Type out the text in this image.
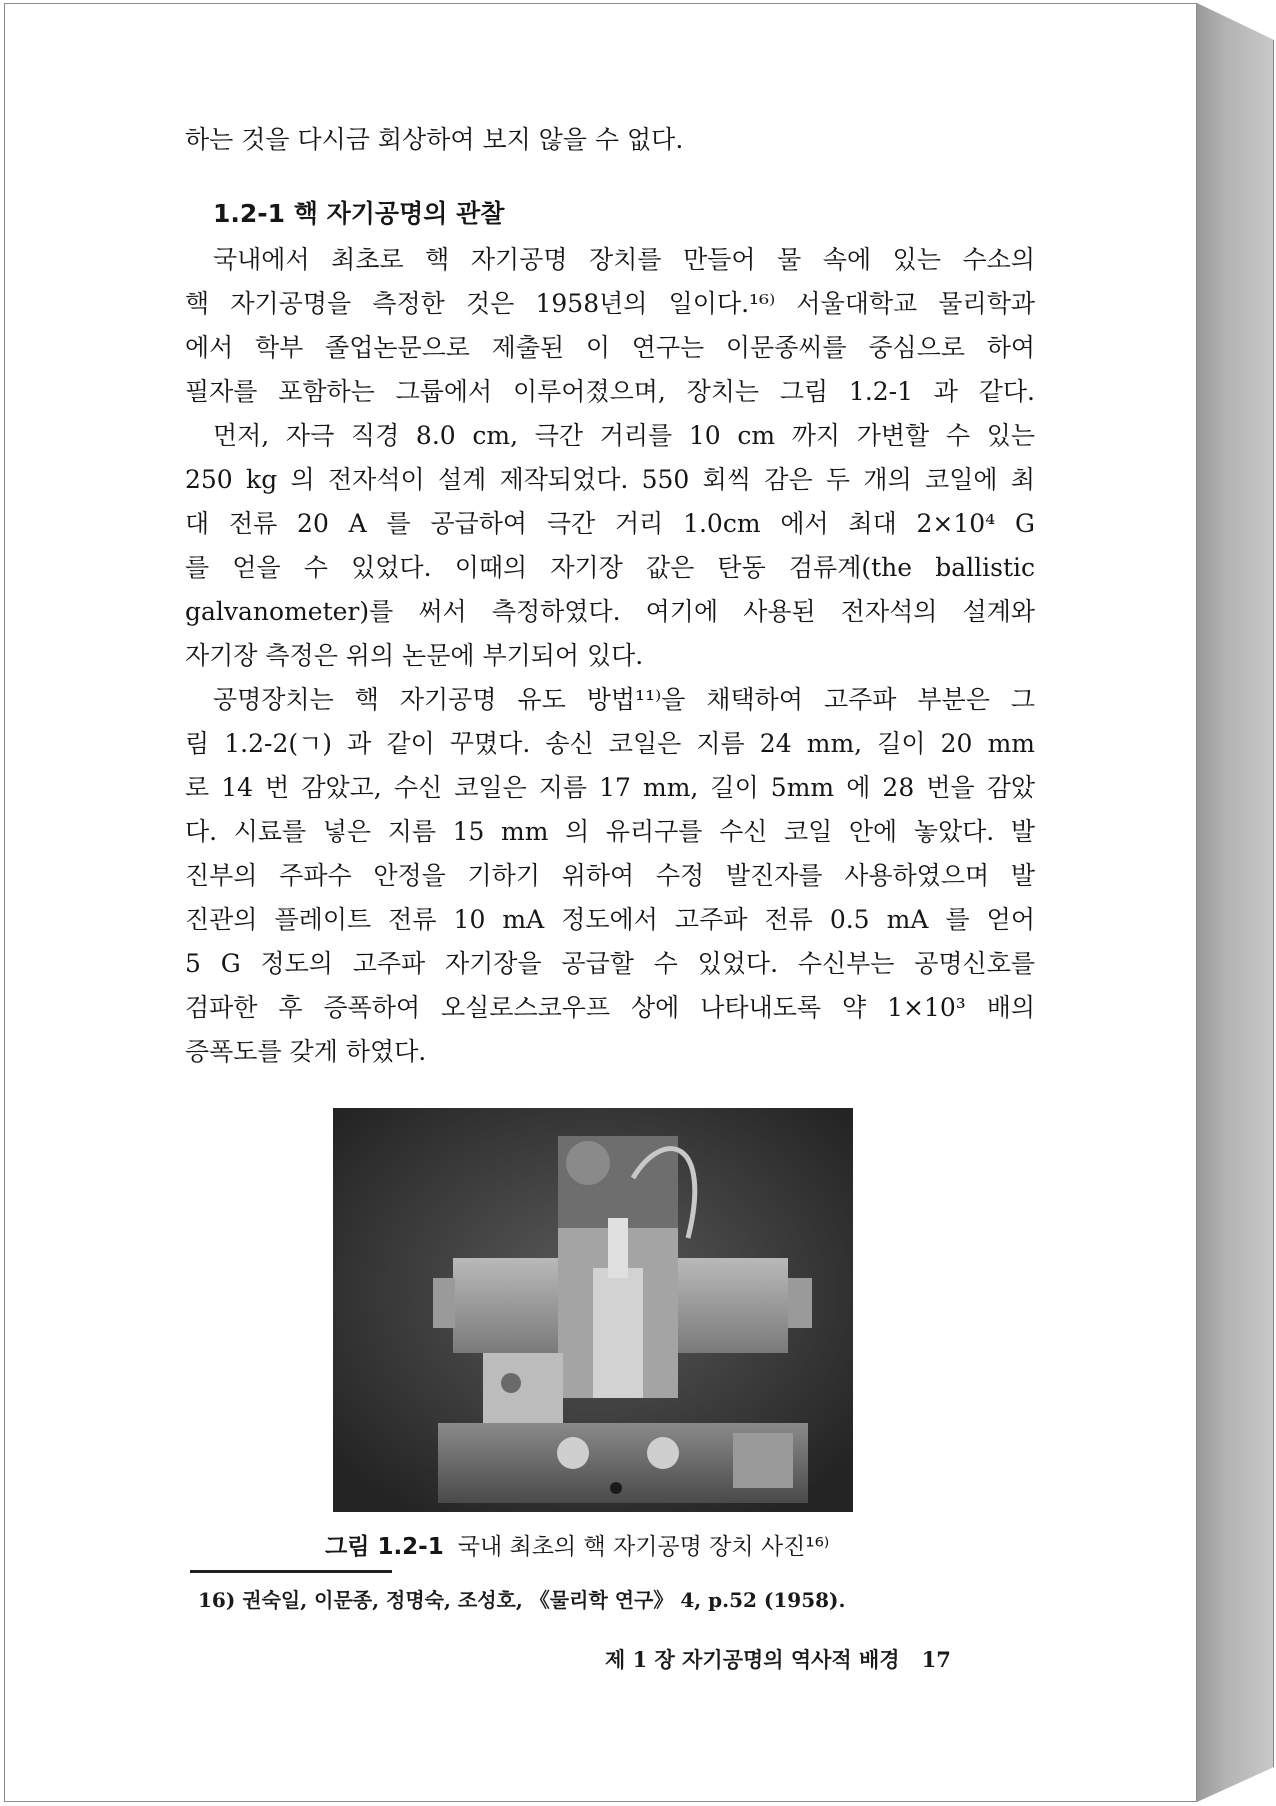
하는 것을 다시금 회상하여 보지 않을 수 없다.
1.2-1 핵 자기공명의 관찰
국내에서 최초로 핵 자기공명 장치를 만들어 물 속에 있는 수소의
핵 자기공명을 측정한 것은 1958년의 일이다.¹⁶⁾ 서울대학교 물리학과
에서 학부 졸업논문으로 제출된 이 연구는 이문종씨를 중심으로 하여
필자를 포함하는 그룹에서 이루어졌으며, 장치는 그림 1.2-1 과 같다.
먼저, 자극 직경 8.0 cm, 극간 거리를 10 cm 까지 가변할 수 있는
250 kg 의 전자석이 설계 제작되었다. 550 회씩 감은 두 개의 코일에 최
대 전류 20 A 를 공급하여 극간 거리 1.0cm 에서 최대 2×10⁴ G
를 얻을 수 있었다. 이때의 자기장 값은 탄동 검류계(the ballistic
galvanometer)를 써서 측정하였다. 여기에 사용된 전자석의 설계와
자기장 측정은 위의 논문에 부기되어 있다.
공명장치는 핵 자기공명 유도 방법¹¹⁾을 채택하여 고주파 부분은 그
림 1.2-2(ㄱ) 과 같이 꾸몄다. 송신 코일은 지름 24 mm, 길이 20 mm
로 14 번 감았고, 수신 코일은 지름 17 mm, 길이 5mm 에 28 번을 감았
다. 시료를 넣은 지름 15 mm 의 유리구를 수신 코일 안에 놓았다. 발
진부의 주파수 안정을 기하기 위하여 수정 발진자를 사용하였으며 발
진관의 플레이트 전류 10 mA 정도에서 고주파 전류 0.5 mA 를 얻어
5 G 정도의 고주파 자기장을 공급할 수 있었다. 수신부는 공명신호를
검파한 후 증폭하여 오실로스코우프 상에 나타내도록 약 1×10³ 배의
증폭도를 갖게 하였다.
그림 1.2-1 국내 최초의 핵 자기공명 장치 사진¹⁶⁾
16) 권숙일, 이문종, 정명숙, 조성호, 《물리학 연구》 4, p.52 (1958).
제 1 장 자기공명의 역사적 배경 17
